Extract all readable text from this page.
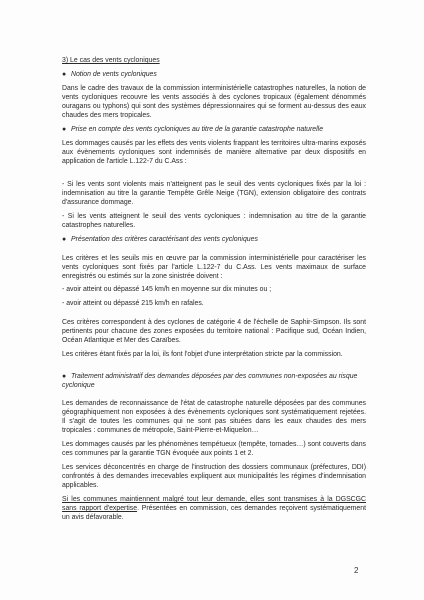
3) Le cas des vents cycloniques

● Notion de vents cycloniques

Dans le cadre des travaux de la commission interministérielle catastrophes naturelles, la notion de vents cycloniques recouvre les vents associés à des cyclones tropicaux (également dénommés ouragans ou typhons) qui sont des systèmes dépressionnaires qui se forment au-dessus des eaux chaudes des mers tropicales.

● Prise en compte des vents cycloniques au titre de la garantie catastrophe naturelle

Les dommages causés par les effets des vents violents frappant les territoires ultra-marins exposés aux évènements cycloniques sont indemnisés de manière alternative par deux dispositifs en application de l'article L.122-7 du C.Ass :

- Si les vents sont violents mais n'atteignent pas le seuil des vents cycloniques fixés par la loi : indemnisation au titre la garantie Tempête Grêle Neige (TGN), extension obligatoire des contrats d'assurance dommage.

- Si les vents atteignent le seuil des vents cycloniques : indemnisation au titre de la garantie catastrophes naturelles.

● Présentation des critères caractérisant des vents cycloniques

Les critères et les seuils mis en œuvre par la commission interministérielle pour caractériser les vents cycloniques sont fixés par l'article L.122-7 du C.Ass. Les vents maximaux de surface enregistrés ou estimés sur la zone sinistrée doivent :

- avoir atteint ou dépassé 145 km/h en moyenne sur dix minutes ou ;

- avoir atteint ou dépassé 215 km/h en rafales.

Ces critères correspondent à des cyclones de catégorie 4 de l'échelle de Saphir-Simpson. Ils sont pertinents pour chacune des zones exposées du territoire national : Pacifique sud, Océan Indien, Océan Atlantique et Mer des Caraïbes.

Les critères étant fixés par la loi, ils font l'objet d'une interprétation stricte par la commission.

● Traitement administratif des demandes déposées par des communes non-exposées au risque cyclonique

Les demandes de reconnaissance de l'état de catastrophe naturelle déposées par des communes géographiquement non exposées à des évènements cycloniques sont systématiquement rejetées. Il s'agit de toutes les communes qui ne sont pas situées dans les eaux chaudes des mers tropicales : communes de métropole, Saint-Pierre-et-Miquelon…

Les dommages causés par les phénomènes tempétueux (tempête, tornades…) sont couverts dans ces communes par la garantie TGN évoquée aux points 1 et 2.

Les services déconcentrés en charge de l'instruction des dossiers communaux (préfectures, DDI) confrontés à des demandes irrecevables expliquent aux municipalités les régimes d'indemnisation applicables.

Si les communes maintiennent malgré tout leur demande, elles sont transmises à la DGSCGC sans rapport d'expertise. Présentées en commission, ces demandes reçoivent systématiquement un avis défavorable.

2
